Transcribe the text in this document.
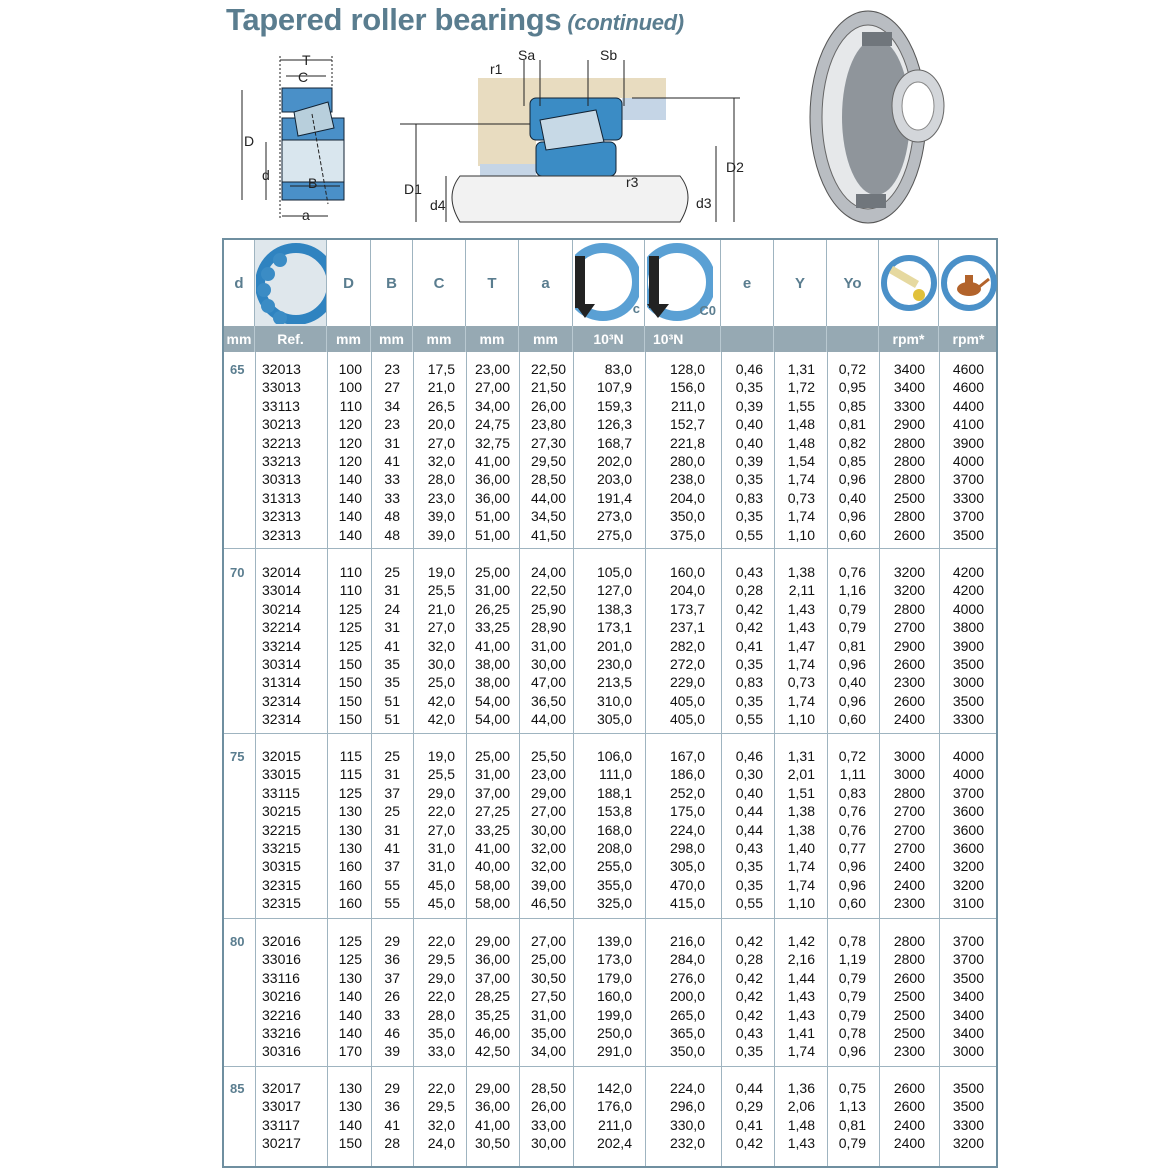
Tapered roller bearings (continued)
T
C
D
d	B
a
Sa	Sb
r1
r3
D1
D2
d4	d3
d	D	B	C	T	a
c	C0
e	Y	Yo
mm	Ref.	mm	mm	mm	mm	mm	10³N	10³N	rpm*	rpm*
65 32013	100	23	17,5	23,00	22,50	83,0	128,0	0,46	1,31	0,72	3400	4600
33013	100	27	21,0	27,00	21,50	107,9	156,0	0,35	1,72	0,95	3400	4600
33113	110	34	26,5	34,00	26,00	159,3	211,0	0,39	1,55	0,85	3300	4400
30213	120	23	20,0	24,75	23,80	126,3	152,7	0,40	1,48	0,81	2900	4100
32213	120	31	27,0	32,75	27,30	168,7	221,8	0,40	1,48	0,82	2800	3900
33213	120	41	32,0	41,00	29,50	202,0	280,0	0,39	1,54	0,85	2800	4000
30313	140	33	28,0	36,00	28,50	203,0	238,0	0,35	1,74	0,96	2800	3700
31313	140	33	23,0	36,00	44,00	191,4	204,0	0,83	0,73	0,40	2500	3300
32313	140	48	39,0	51,00	34,50	273,0	350,0	0,35	1,74	0,96	2800	3700
32313	140	48	39,0	51,00	41,50	275,0	375,0	0,55	1,10	0,60	2600	3500
70 32014	110	25	19,0	25,00	24,00	105,0	160,0	0,43	1,38	0,76	3200	4200
33014	110	31	25,5	31,00	22,50	127,0	204,0	0,28	2,11	1,16	3200	4200
30214	125	24	21,0	26,25	25,90	138,3	173,7	0,42	1,43	0,79	2800	4000
32214	125	31	27,0	33,25	28,90	173,1	237,1	0,42	1,43	0,79	2700	3800
33214	125	41	32,0	41,00	31,00	201,0	282,0	0,41	1,47	0,81	2900	3900
30314	150	35	30,0	38,00	30,00	230,0	272,0	0,35	1,74	0,96	2600	3500
31314	150	35	25,0	38,00	47,00	213,5	229,0	0,83	0,73	0,40	2300	3000
32314	150	51	42,0	54,00	36,50	310,0	405,0	0,35	1,74	0,96	2600	3500
32314	150	51	42,0	54,00	44,00	305,0	405,0	0,55	1,10	0,60	2400	3300
75 32015	115	25	19,0	25,00	25,50	106,0	167,0	0,46	1,31	0,72	3000	4000
33015	115	31	25,5	31,00	23,00	111,0	186,0	0,30	2,01	1,11	3000	4000
33115	125	37	29,0	37,00	29,00	188,1	252,0	0,40	1,51	0,83	2800	3700
30215	130	25	22,0	27,25	27,00	153,8	175,0	0,44	1,38	0,76	2700	3600
32215	130	31	27,0	33,25	30,00	168,0	224,0	0,44	1,38	0,76	2700	3600
33215	130	41	31,0	41,00	32,00	208,0	298,0	0,43	1,40	0,77	2700	3600
30315	160	37	31,0	40,00	32,00	255,0	305,0	0,35	1,74	0,96	2400	3200
32315	160	55	45,0	58,00	39,00	355,0	470,0	0,35	1,74	0,96	2400	3200
32315	160	55	45,0	58,00	46,50	325,0	415,0	0,55	1,10	0,60	2300	3100
80 32016	125	29	22,0	29,00	27,00	139,0	216,0	0,42	1,42	0,78	2800	3700
33016	125	36	29,5	36,00	25,00	173,0	284,0	0,28	2,16	1,19	2800	3700
33116	130	37	29,0	37,00	30,50	179,0	276,0	0,42	1,44	0,79	2600	3500
30216	140	26	22,0	28,25	27,50	160,0	200,0	0,42	1,43	0,79	2500	3400
32216	140	33	28,0	35,25	31,00	199,0	265,0	0,42	1,43	0,79	2500	3400
33216	140	46	35,0	46,00	35,00	250,0	365,0	0,43	1,41	0,78	2500	3400
30316	170	39	33,0	42,50	34,00	291,0	350,0	0,35	1,74	0,96	2300	3000
85 32017	130	29	22,0	29,00	28,50	142,0	224,0	0,44	1,36	0,75	2600	3500
33017	130	36	29,5	36,00	26,00	176,0	296,0	0,29	2,06	1,13	2600	3500
33117	140	41	32,0	41,00	33,00	211,0	330,0	0,41	1,48	0,81	2400	3300
30217	150	28	24,0	30,50	30,00	202,4	232,0	0,42	1,43	0,79	2400	3200
